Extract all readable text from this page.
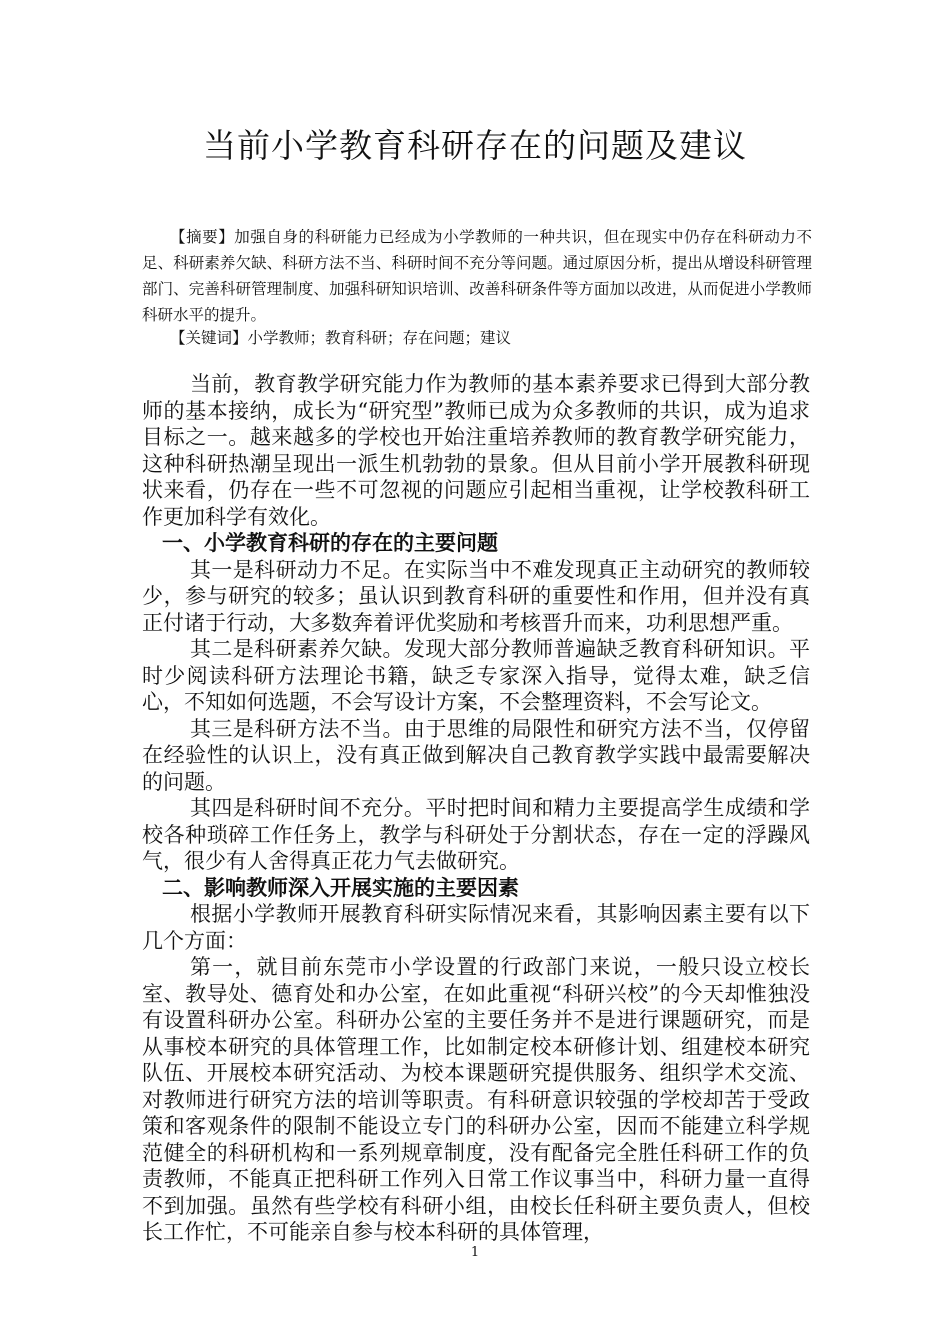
当前小学教育科研存在的问题及建议
【摘要】加强自身的科研能力已经成为小学教师的一种共识，但在现实中仍存在科研动力不足、科研素养欠缺、科研方法不当、科研时间不充分等问题。通过原因分析，提出从增设科研管理部门、完善科研管理制度、加强科研知识培训、改善科研条件等方面加以改进，从而促进小学教师科研水平的提升。
【关键词】小学教师；教育科研；存在问题；建议

当前，教育教学研究能力作为教师的基本素养要求已得到大部分教师的基本接纳，成长为“研究型”教师已成为众多教师的共识，成为追求目标之一。越来越多的学校也开始注重培养教师的教育教学研究能力，这种科研热潮呈现出一派生机勃勃的景象。但从目前小学开展教科研现状来看，仍存在一些不可忽视的问题应引起相当重视，让学校教科研工作更加科学有效化。

一、小学教育科研的存在的主要问题

其一是科研动力不足。在实际当中不难发现真正主动研究的教师较少，参与研究的较多；虽认识到教育科研的重要性和作用，但并没有真正付诸于行动，大多数奔着评优奖励和考核晋升而来，功利思想严重。

其二是科研素养欠缺。发现大部分教师普遍缺乏教育科研知识。平时少阅读科研方法理论书籍，缺乏专家深入指导，觉得太难，缺乏信心，不知如何选题，不会写设计方案，不会整理资料，不会写论文。

其三是科研方法不当。由于思维的局限性和研究方法不当，仅停留在经验性的认识上，没有真正做到解决自己教育教学实践中最需要解决的问题。

其四是科研时间不充分。平时把时间和精力主要提高学生成绩和学校各种琐碎工作任务上，教学与科研处于分割状态，存在一定的浮躁风气，很少有人舍得真正花力气去做研究。

二、影响教师深入开展实施的主要因素

根据小学教师开展教育科研实际情况来看，其影响因素主要有以下几个方面：

第一，就目前东莞市小学设置的行政部门来说，一般只设立校长室、教导处、德育处和办公室，在如此重视“科研兴校”的今天却惟独没有设置科研办公室。科研办公室的主要任务并不是进行课题研究，而是从事校本研究的具体管理工作，比如制定校本研修计划、组建校本研究队伍、开展校本研究活动、为校本课题研究提供服务、组织学术交流、对教师进行研究方法的培训等职责。有科研意识较强的学校却苦于受政策和客观条件的限制不能设立专门的科研办公室，因而不能建立科学规范健全的科研机构和一系列规章制度，没有配备完全胜任科研工作的负责教师，不能真正把科研工作列入日常工作议事当中，科研力量一直得不到加强。虽然有些学校有科研小组，由校长任科研主要负责人，但校长工作忙，不可能亲自参与校本科研的具体管理，

1
